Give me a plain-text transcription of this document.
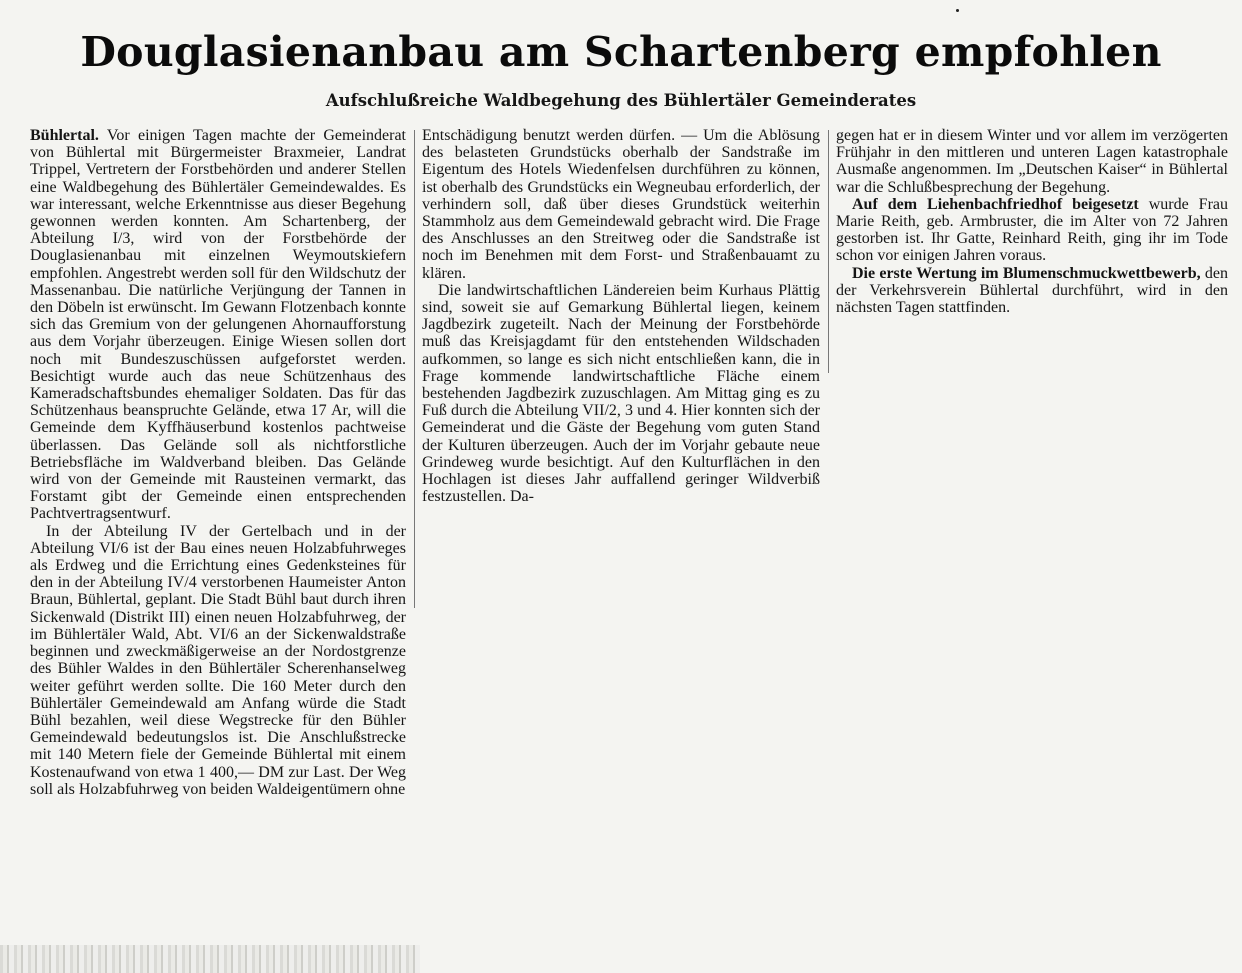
Douglasienanbau am Schartenberg empfohlen
Aufschlußreiche Waldbegehung des Bühlertäler Gemeinderates

Bühlertal. Vor einigen Tagen machte der Gemeinderat von Bühlertal mit Bürgermeister Braxmeier, Landrat Trippel, Vertretern der Forstbehörden und anderer Stellen eine Waldbegehung des Bühlertäler Gemeindewaldes. Es war interessant, welche Erkenntnisse aus dieser Begehung gewonnen werden konnten. Am Schartenberg, der Abteilung I/3, wird von der Forstbehörde der Douglasienanbau mit einzelnen Weymoutskiefern empfohlen. Angestrebt werden soll für den Wildschutz der Massenanbau. Die natürliche Verjüngung der Tannen in den Döbeln ist erwünscht. Im Gewann Flotzenbach konnte sich das Gremium von der gelungenen Ahornaufforstung aus dem Vorjahr überzeugen. Einige Wiesen sollen dort noch mit Bundeszuschüssen aufgeforstet werden. Besichtigt wurde auch das neue Schützenhaus des Kameradschaftsbundes ehemaliger Soldaten. Das für das Schützenhaus beanspruchte Gelände, etwa 17 Ar, will die Gemeinde dem Kyffhäuserbund kostenlos pachtweise überlassen. Das Gelände soll als nichtforstliche Betriebsfläche im Waldverband bleiben. Das Gelände wird von der Gemeinde mit Rausteinen vermarkt, das Forstamt gibt der Gemeinde einen entsprechenden Pachtvertragsentwurf.

In der Abteilung IV der Gertelbach und in der Abteilung VI/6 ist der Bau eines neuen Holzabfuhrweges als Erdweg und die Errichtung eines Gedenksteines für den in der Abteilung IV/4 verstorbenen Haumeister Anton Braun, Bühlertal, geplant. Die Stadt Bühl baut durch ihren Sickenwald (Distrikt III) einen neuen Holzabfuhrweg, der im Bühlertäler Wald, Abt. VI/6 an der Sickenwaldstraße beginnen und zweckmäßigerweise an der Nordostgrenze des Bühler Waldes in den Bühlertäler Scherenhanselweg weiter geführt werden sollte. Die 160 Meter durch den Bühlertäler Gemeindewald am Anfang würde die Stadt Bühl bezahlen, weil diese Wegstrecke für den Bühler Gemeindewald bedeutungslos ist. Die Anschlußstrecke mit 140 Metern fiele der Gemeinde Bühlertal mit einem Kostenaufwand von etwa 1 400,— DM zur Last. Der Weg soll als Holzabfuhrweg von beiden Waldeigentümern ohne

Entschädigung benutzt werden dürfen. — Um die Ablösung des belasteten Grundstücks oberhalb der Sandstraße im Eigentum des Hotels Wiedenfelsen durchführen zu können, ist oberhalb des Grundstücks ein Wegneubau erforderlich, der verhindern soll, daß über dieses Grundstück weiterhin Stammholz aus dem Gemeindewald gebracht wird. Die Frage des Anschlusses an den Streitweg oder die Sandstraße ist noch im Benehmen mit dem Forst- und Straßenbauamt zu klären.

Die landwirtschaftlichen Ländereien beim Kurhaus Plättig sind, soweit sie auf Gemarkung Bühlertal liegen, keinem Jagdbezirk zugeteilt. Nach der Meinung der Forstbehörde muß das Kreisjagdamt für den entstehenden Wildschaden aufkommen, so lange es sich nicht entschließen kann, die in Frage kommende landwirtschaftliche Fläche einem bestehenden Jagdbezirk zuzuschlagen. Am Mittag ging es zu Fuß durch die Abteilung VII/2, 3 und 4. Hier konnten sich der Gemeinderat und die Gäste der Begehung vom guten Stand der Kulturen überzeugen. Auch der im Vorjahr gebaute neue Grindeweg wurde besichtigt. Auf den Kulturflächen in den Hochlagen ist dieses Jahr auffallend geringer Wildverbiß festzustellen. Da-

gegen hat er in diesem Winter und vor allem im verzögerten Frühjahr in den mittleren und unteren Lagen katastrophale Ausmaße angenommen. Im „Deutschen Kaiser“ in Bühlertal war die Schlußbesprechung der Begehung.

Auf dem Liehenbachfriedhof beigesetzt wurde Frau Marie Reith, geb. Armbruster, die im Alter von 72 Jahren gestorben ist. Ihr Gatte, Reinhard Reith, ging ihr im Tode schon vor einigen Jahren voraus.

Die erste Wertung im Blumenschmuckwettbewerb, den der Verkehrsverein Bühlertal durchführt, wird in den nächsten Tagen stattfinden.
